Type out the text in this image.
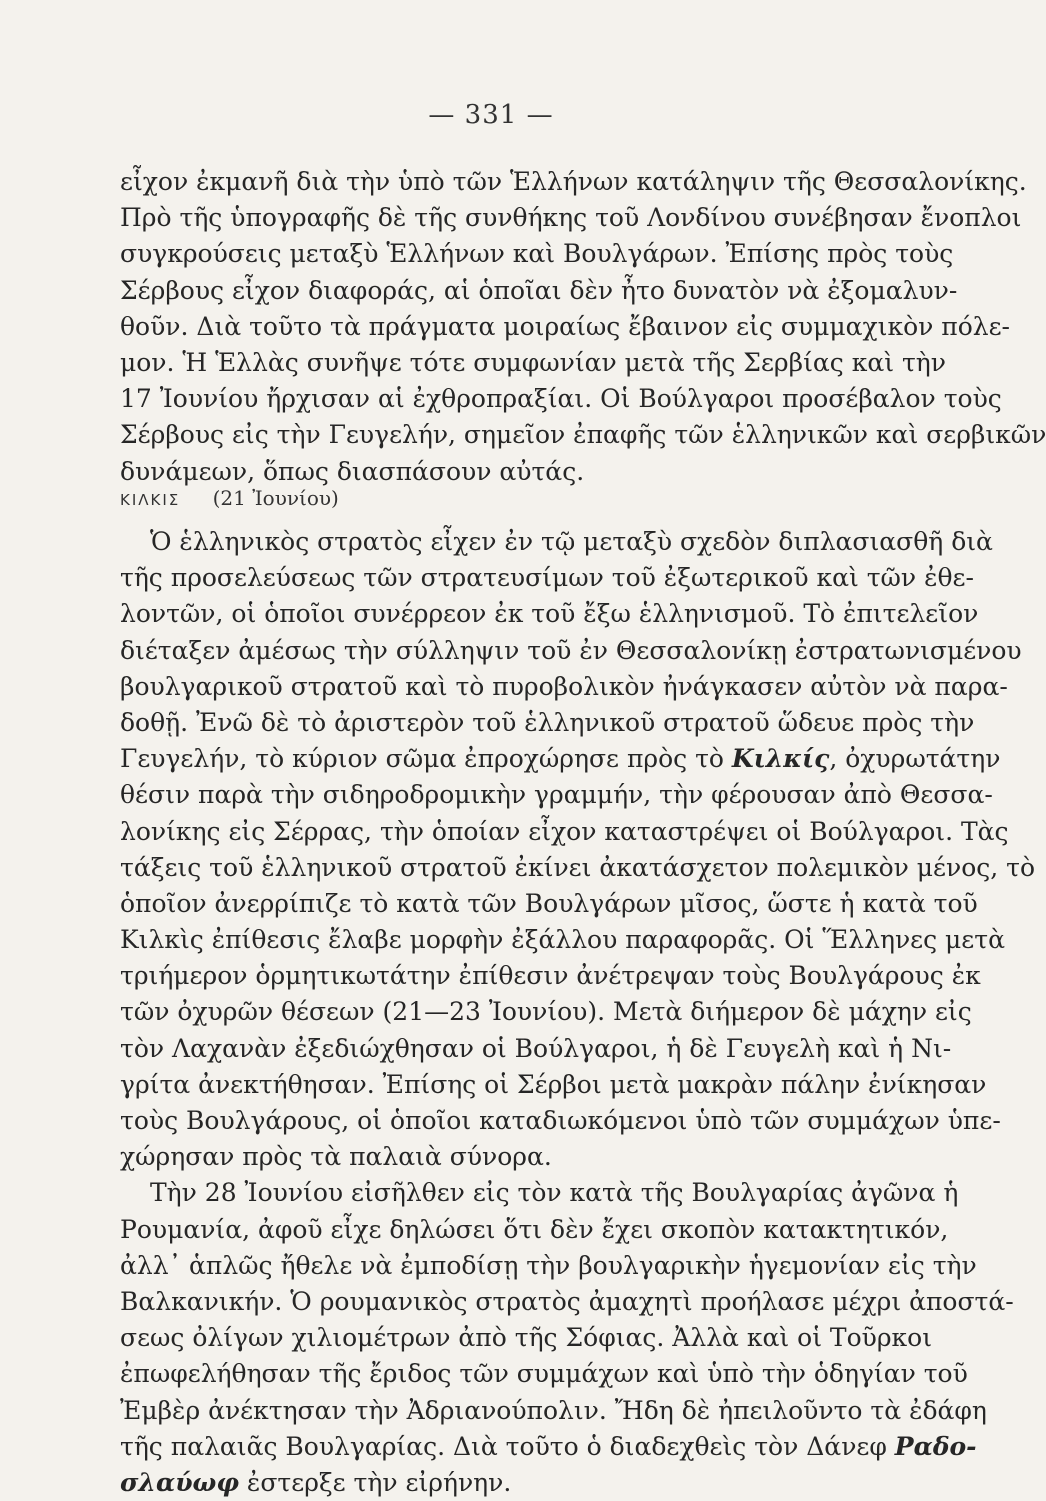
— 331 —
εἶχον ἐκμανῆ διὰ τὴν ὑπὸ τῶν Ἑλλήνων κατάληψιν τῆς Θεσσαλονίκης.
Πρὸ τῆς ὑπογραφῆς δὲ τῆς συνθήκης τοῦ Λονδίνου συνέβησαν ἔνοπλοι
συγκρούσεις μεταξὺ Ἑλλήνων καὶ Βουλγάρων. Ἐπίσης πρὸς τοὺς
Σέρβους εἶχον διαφοράς, αἱ ὁποῖαι δὲν ἦτο δυνατὸν νὰ ἐξομαλυν-
θοῦν. Διὰ τοῦτο τὰ πράγματα μοιραίως ἔβαινον εἰς συμμαχικὸν πόλε-
μον. Ἡ Ἑλλὰς συνῆψε τότε συμφωνίαν μετὰ τῆς Σερβίας καὶ τὴν
17 Ἰουνίου ἤρχισαν αἱ ἐχθροπραξίαι. Οἱ Βούλγαροι προσέβαλον τοὺς
Σέρβους εἰς τὴν Γευγελήν, σημεῖον ἐπαφῆς τῶν ἑλληνικῶν καὶ σερβικῶν
δυνάμεων, ὅπως διασπάσουν αὐτάς.
ΚΙΛΚΙΣ (21 Ἰουνίου)
Ὁ ἑλληνικὸς στρατὸς εἶχεν ἐν τῷ μεταξὺ σχεδὸν διπλασιασθῆ διὰ
τῆς προσελεύσεως τῶν στρατευσίμων τοῦ ἐξωτερικοῦ καὶ τῶν ἐθε-
λοντῶν, οἱ ὁποῖοι συνέρρεον ἐκ τοῦ ἔξω ἑλληνισμοῦ. Τὸ ἐπιτελεῖον
διέταξεν ἀμέσως τὴν σύλληψιν τοῦ ἐν Θεσσαλονίκῃ ἐστρατωνισμένου
βουλγαρικοῦ στρατοῦ καὶ τὸ πυροβολικὸν ἠνάγκασεν αὐτὸν νὰ παρα-
δοθῇ. Ἐνῶ δὲ τὸ ἀριστερὸν τοῦ ἑλληνικοῦ στρατοῦ ὥδευε πρὸς τὴν
Γευγελήν, τὸ κύριον σῶμα ἐπροχώρησε πρὸς τὸ Κιλκίς, ὀχυρωτάτην
θέσιν παρὰ τὴν σιδηροδρομικὴν γραμμήν, τὴν φέρουσαν ἀπὸ Θεσσα-
λονίκης εἰς Σέρρας, τὴν ὁποίαν εἶχον καταστρέψει οἱ Βούλγαροι. Τὰς
τάξεις τοῦ ἑλληνικοῦ στρατοῦ ἐκίνει ἀκατάσχετον πολεμικὸν μένος, τὸ
ὁποῖον ἀνερρίπιζε τὸ κατὰ τῶν Βουλγάρων μῖσος, ὥστε ἡ κατὰ τοῦ
Κιλκὶς ἐπίθεσις ἔλαβε μορφὴν ἐξάλλου παραφορᾶς. Οἱ Ἕλληνες μετὰ
τριήμερον ὁρμητικωτάτην ἐπίθεσιν ἀνέτρεψαν τοὺς Βουλγάρους ἐκ
τῶν ὀχυρῶν θέσεων (21—23 Ἰουνίου). Μετὰ διήμερον δὲ μάχην εἰς
τὸν Λαχανὰν ἐξεδιώχθησαν οἱ Βούλγαροι, ἡ δὲ Γευγελὴ καὶ ἡ Νι-
γρίτα ἀνεκτήθησαν. Ἐπίσης οἱ Σέρβοι μετὰ μακρὰν πάλην ἐνίκησαν
τοὺς Βουλγάρους, οἱ ὁποῖοι καταδιωκόμενοι ὑπὸ τῶν συμμάχων ὑπε-
χώρησαν πρὸς τὰ παλαιὰ σύνορα.
Τὴν 28 Ἰουνίου εἰσῆλθεν εἰς τὸν κατὰ τῆς Βουλγαρίας ἀγῶνα ἡ
Ρουμανία, ἀφοῦ εἶχε δηλώσει ὅτι δὲν ἔχει σκοπὸν κατακτητικόν,
ἀλλ᾽ ἁπλῶς ἤθελε νὰ ἐμποδίσῃ τὴν βουλγαρικὴν ἡγεμονίαν εἰς τὴν
Βαλκανικήν. Ὁ ρουμανικὸς στρατὸς ἀμαχητὶ προήλασε μέχρι ἀποστά-
σεως ὀλίγων χιλιομέτρων ἀπὸ τῆς Σόφιας. Ἀλλὰ καὶ οἱ Τοῦρκοι
ἐπωφελήθησαν τῆς ἔριδος τῶν συμμάχων καὶ ὑπὸ τὴν ὁδηγίαν τοῦ
Ἐμβὲρ ἀνέκτησαν τὴν Ἀδριανούπολιν. Ἤδη δὲ ἠπειλοῦντο τὰ ἐδάφη
τῆς παλαιᾶς Βουλγαρίας. Διὰ τοῦτο ὁ διαδεχθεὶς τὸν Δάνεφ Ραδο-
σλαύωφ ἐστερξε τὴν εἰρήνην.
